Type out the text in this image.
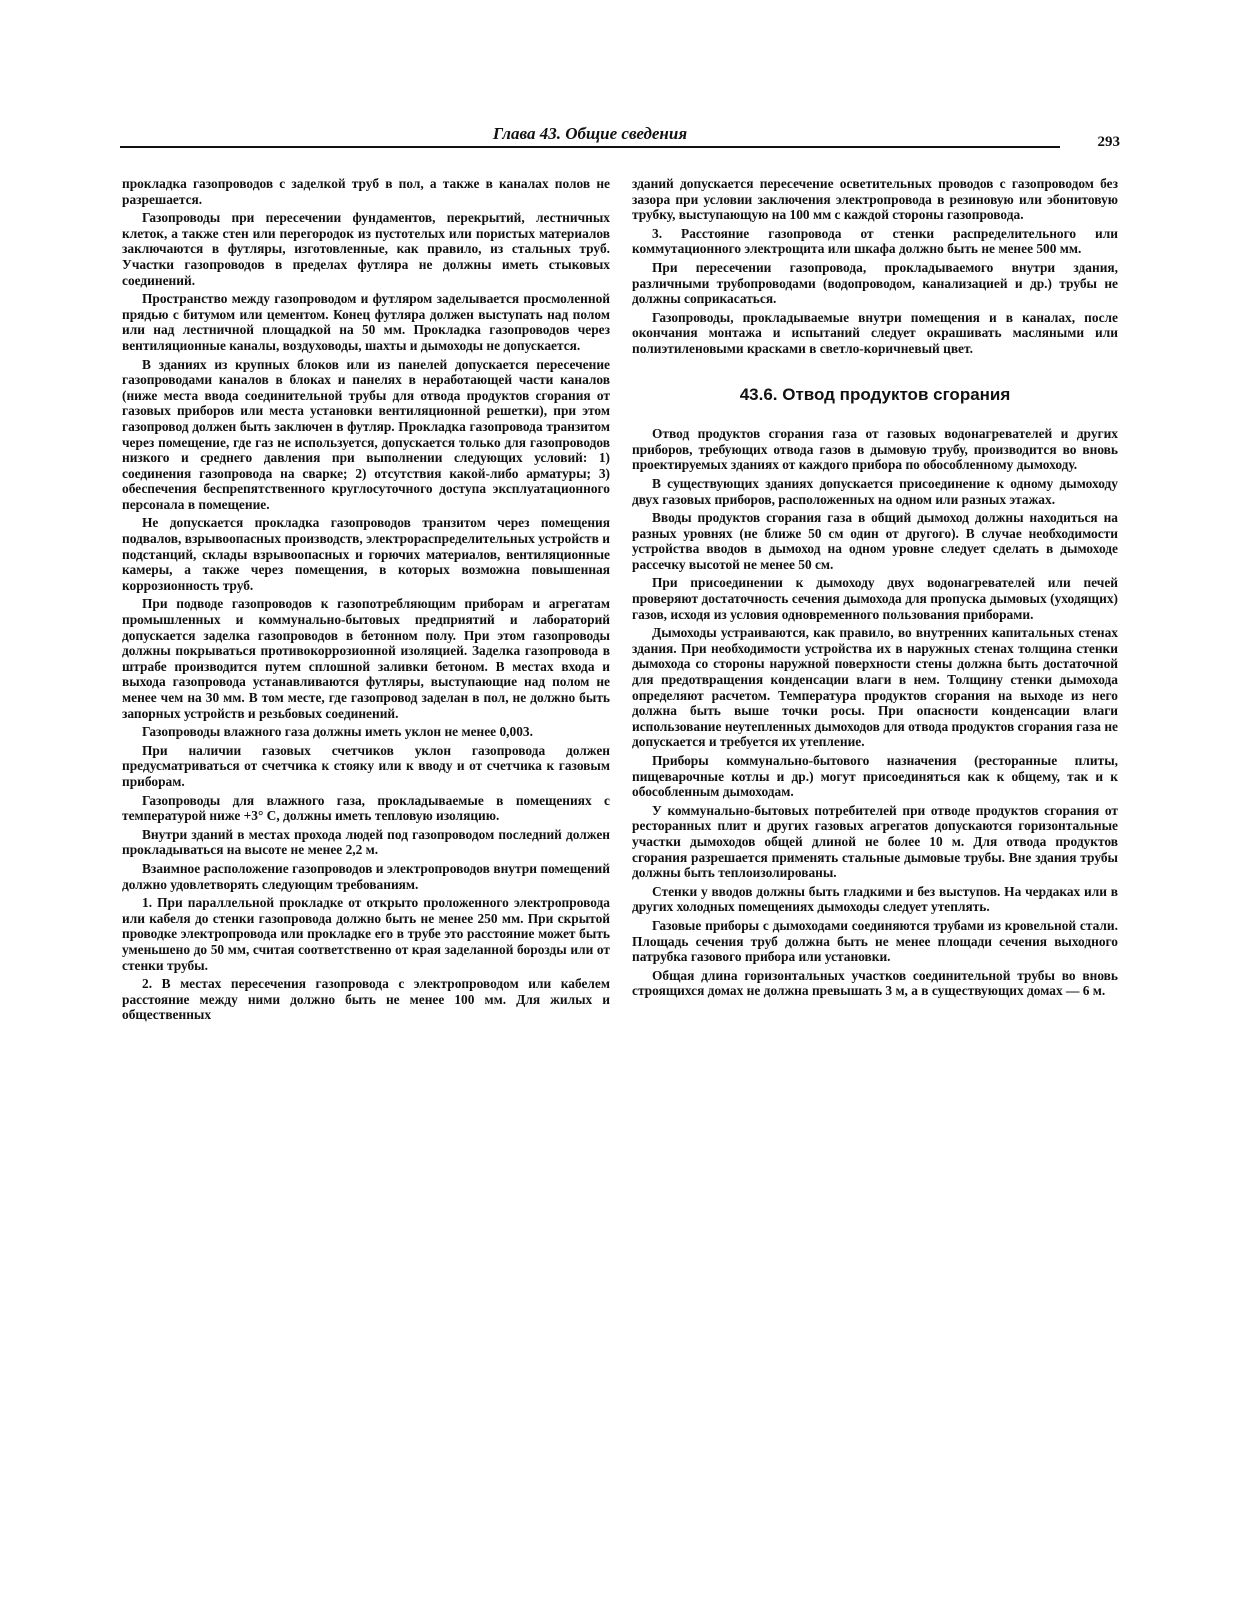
Глава 43. Общие сведения	293

прокладка газопроводов с заделкой труб в пол, а также в каналах полов не разрешается.

Газопроводы при пересечении фундаментов, перекрытий, лестничных клеток, а также стен или перегородок из пустотелых или пористых материалов заключаются в футляры, изготовленные, как правило, из стальных труб. Участки газопроводов в пределах футляра не должны иметь стыковых соединений.

Пространство между газопроводом и футляром заделывается просмоленной прядью с битумом или цементом. Конец футляра должен выступать над полом или над лестничной площадкой на 50 мм. Прокладка газопроводов через вентиляционные каналы, воздуховоды, шахты и дымоходы не допускается.

В зданиях из крупных блоков или из панелей допускается пересечение газопроводами каналов в блоках и панелях в неработающей части каналов (ниже места ввода соединительной трубы для отвода продуктов сгорания от газовых приборов или места установки вентиляционной решетки), при этом газопровод должен быть заключен в футляр. Прокладка газопровода транзитом через помещение, где газ не используется, допускается только для газопроводов низкого и среднего давления при выполнении следующих условий: 1) соединения газопровода на сварке; 2) отсутствия какой-либо арматуры; 3) обеспечения беспрепятственного круглосуточного доступа эксплуатационного персонала в помещение.

Не допускается прокладка газопроводов транзитом через помещения подвалов, взрывоопасных производств, электрораспределительных устройств и подстанций, склады взрывоопасных и горючих материалов, вентиляционные камеры, а также через помещения, в которых возможна повышенная коррозионность труб.

При подводе газопроводов к газопотребляющим приборам и агрегатам промышленных и коммунально-бытовых предприятий и лабораторий допускается заделка газопроводов в бетонном полу. При этом газопроводы должны покрываться противокоррозионной изоляцией. Заделка газопровода в штрабе производится путем сплошной заливки бетоном. В местах входа и выхода газопровода устанавливаются футляры, выступающие над полом не менее чем на 30 мм. В том месте, где газопровод заделан в пол, не должно быть запорных устройств и резьбовых соединений.

Газопроводы влажного газа должны иметь уклон не менее 0,003.

При наличии газовых счетчиков уклон газопровода должен предусматриваться от счетчика к стояку или к вводу и от счетчика к газовым приборам.

Газопроводы для влажного газа, прокладываемые в помещениях с температурой ниже +3° С, должны иметь тепловую изоляцию.

Внутри зданий в местах прохода людей под газопроводом последний должен прокладываться на высоте не менее 2,2 м.

Взаимное расположение газопроводов и электропроводов внутри помещений должно удовлетворять следующим требованиям.

1. При параллельной прокладке от открыто проложенного электропровода или кабеля до стенки газопровода должно быть не менее 250 мм. При скрытой проводке электропровода или прокладке его в трубе это расстояние может быть уменьшено до 50 мм, считая соответственно от края заделанной борозды или от стенки трубы.

2. В местах пересечения газопровода с электропроводом или кабелем расстояние между ними должно быть не менее 100 мм. Для жилых и общественных

зданий допускается пересечение осветительных проводов с газопроводом без зазора при условии заключения электропровода в резиновую или эбонитовую трубку, выступающую на 100 мм с каждой стороны газопровода.

3. Расстояние газопровода от стенки распределительного или коммутационного электрощита или шкафа должно быть не менее 500 мм.

При пересечении газопровода, прокладываемого внутри здания, различными трубопроводами (водопроводом, канализацией и др.) трубы не должны соприкасаться.

Газопроводы, прокладываемые внутри помещения и в каналах, после окончания монтажа и испытаний следует окрашивать масляными или полиэтиленовыми красками в светло-коричневый цвет.

43.6. Отвод продуктов сгорания

Отвод продуктов сгорания газа от газовых водонагревателей и других приборов, требующих отвода газов в дымовую трубу, производится во вновь проектируемых зданиях от каждого прибора по обособленному дымоходу.

В существующих зданиях допускается присоединение к одному дымоходу двух газовых приборов, расположенных на одном или разных этажах.

Вводы продуктов сгорания газа в общий дымоход должны находиться на разных уровнях (не ближе 50 см один от другого). В случае необходимости устройства вводов в дымоход на одном уровне следует сделать в дымоходе рассечку высотой не менее 50 см.

При присоединении к дымоходу двух водонагревателей или печей проверяют достаточность сечения дымохода для пропуска дымовых (уходящих) газов, исходя из условия одновременного пользования приборами.

Дымоходы устраиваются, как правило, во внутренних капитальных стенах здания. При необходимости устройства их в наружных стенах толщина стенки дымохода со стороны наружной поверхности стены должна быть достаточной для предотвращения конденсации влаги в нем. Толщину стенки дымохода определяют расчетом. Температура продуктов сгорания на выходе из него должна быть выше точки росы. При опасности конденсации влаги использование неутепленных дымоходов для отвода продуктов сгорания газа не допускается и требуется их утепление.

Приборы коммунально-бытового назначения (ресторанные плиты, пищеварочные котлы и др.) могут присоединяться как к общему, так и к обособленным дымоходам.

У коммунально-бытовых потребителей при отводе продуктов сгорания от ресторанных плит и других газовых агрегатов допускаются горизонтальные участки дымоходов общей длиной не более 10 м. Для отвода продуктов сгорания разрешается применять стальные дымовые трубы. Вне здания трубы должны быть теплоизолированы.

Стенки у вводов должны быть гладкими и без выступов. На чердаках или в других холодных помещениях дымоходы следует утеплять.

Газовые приборы с дымоходами соединяются трубами из кровельной стали. Площадь сечения труб должна быть не менее площади сечения выходного патрубка газового прибора или установки.

Общая длина горизонтальных участков соединительной трубы во вновь строящихся домах не должна превышать 3 м, а в существующих домах — 6 м.
